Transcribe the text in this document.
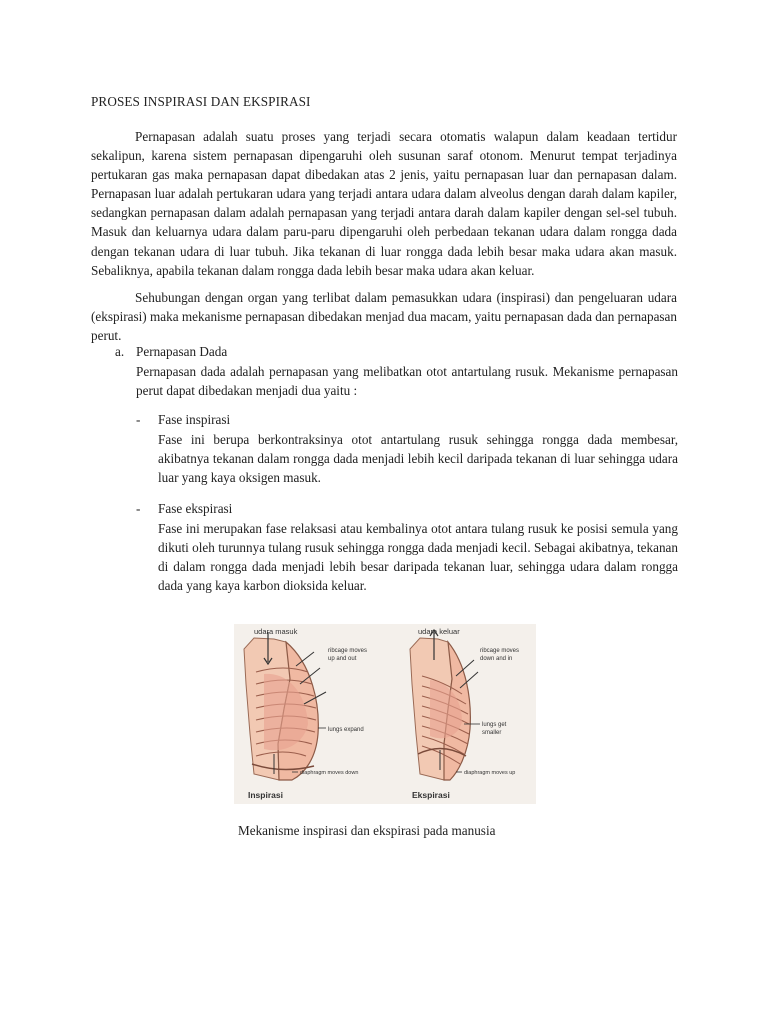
PROSES INSPIRASI DAN EKSPIRASI

Pernapasan adalah suatu proses yang terjadi secara otomatis walapun dalam keadaan tertidur sekalipun, karena sistem pernapasan dipengaruhi oleh susunan saraf otonom. Menurut tempat terjadinya pertukaran gas maka pernapasan dapat dibedakan atas 2 jenis, yaitu pernapasan luar dan pernapasan dalam. Pernapasan luar adalah pertukaran udara yang terjadi antara udara dalam alveolus dengan darah dalam kapiler, sedangkan pernapasan dalam adalah pernapasan yang terjadi antara darah dalam kapiler dengan sel-sel tubuh. Masuk dan keluarnya udara dalam paru-paru dipengaruhi oleh perbedaan tekanan udara dalam rongga dada dengan tekanan udara di luar tubuh. Jika tekanan di luar rongga dada lebih besar maka udara akan masuk. Sebaliknya, apabila tekanan dalam rongga dada lebih besar maka udara akan keluar.

Sehubungan dengan organ yang terlibat dalam pemasukkan udara (inspirasi) dan pengeluaran udara (ekspirasi) maka mekanisme pernapasan dibedakan menjad dua macam, yaitu pernapasan dada dan pernapasan perut.

a. Pernapasan Dada

Pernapasan dada adalah pernapasan yang melibatkan otot antartulang rusuk. Mekanisme pernapasan perut dapat dibedakan menjadi dua yaitu :

- Fase inspirasi

Fase ini berupa berkontraksinya otot antartulang rusuk sehingga rongga dada membesar, akibatnya tekanan dalam rongga dada menjadi lebih kecil daripada tekanan di luar sehingga udara luar yang kaya oksigen masuk.

- Fase ekspirasi

Fase ini merupakan fase relaksasi atau kembalinya otot antara tulang rusuk ke posisi semula yang dikuti oleh turunnya tulang rusuk sehingga rongga dada menjadi kecil. Sebagai akibatnya, tekanan di dalam rongga dada menjadi lebih besar daripada tekanan luar, sehingga udara dalam rongga dada yang kaya karbon dioksida keluar.

udara masuk
ribcage moves
up and out
lungs expand
diaphragm moves down
Inspirasi
udara keluar
ribcage moves
down and in
lungs get
smaller
diaphragm moves up
Ekspirasi
Mekanisme inspirasi dan ekspirasi pada manusia
